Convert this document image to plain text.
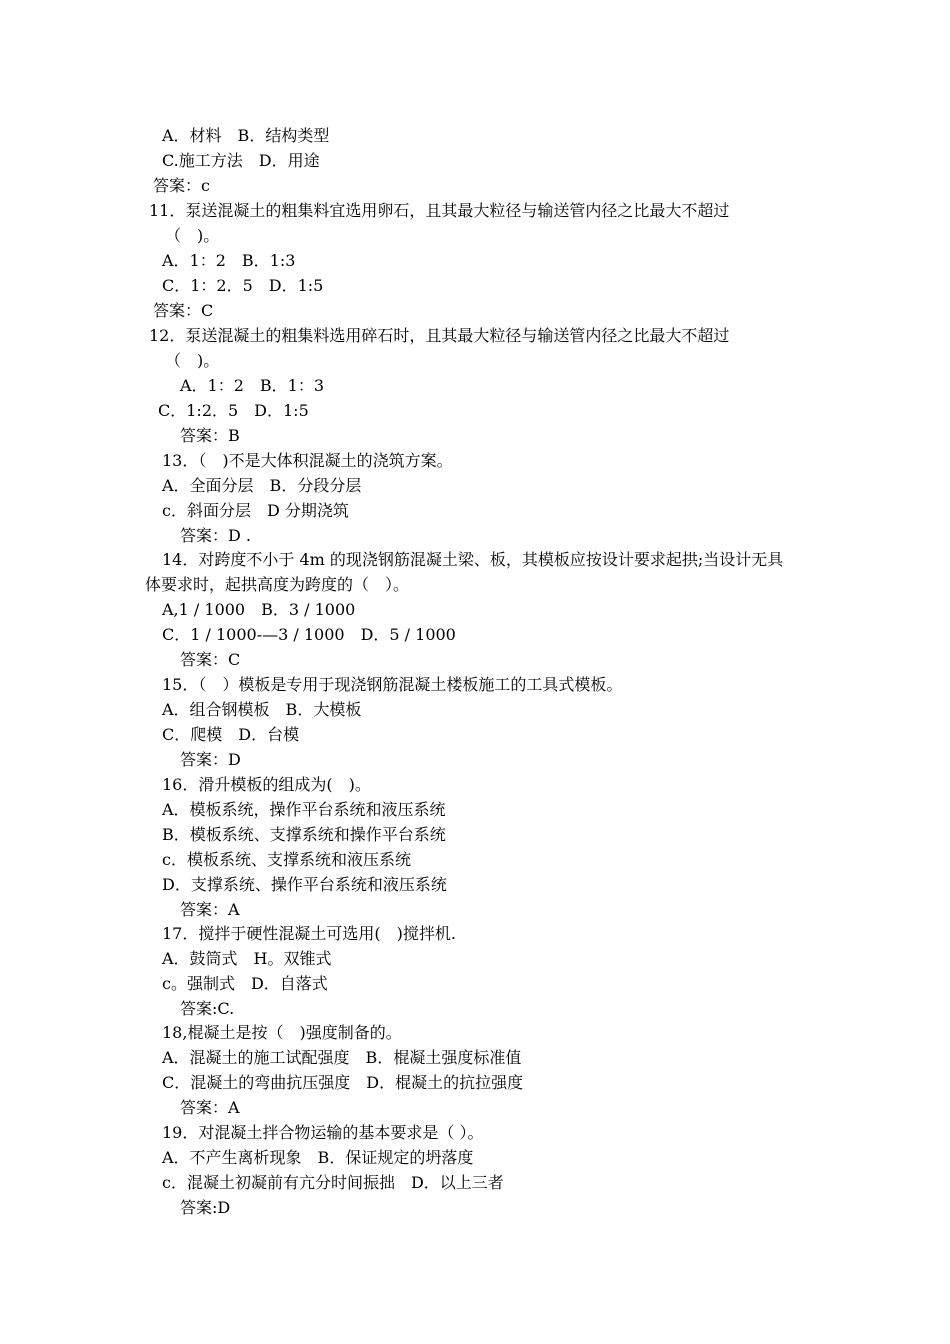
A．材料　B．结构类型
C.施工方法　D．用途
答案：c
11．泵送混凝土的粗集料宜选用卵石，且其最大粒径与输送管内径之比最大不超过
（　)。
A．1：2　B．1:3
C．1：2．5　D．1:5
答案：C
12．泵送混凝土的粗集料选用碎石时，且其最大粒径与输送管内径之比最大不超过
（　)。
A．1：2　B．1：3
C．1:2．5　D．1:5
答案：B
13．（　)不是大体积混凝土的浇筑方案。
A．全面分层　B．分段分层
c．斜面分层　D 分期浇筑
答案：D .
14．对跨度不小于 4m 的现浇钢筋混凝土梁、板，其模板应按设计要求起拱;当设计无具
体要求时，起拱高度为跨度的（　）。
A,1 / 1000　B．3 / 1000
C．1 / 1000-—3 / 1000　D．5 / 1000
答案：C
15．（　）模板是专用于现浇钢筋混凝土楼板施工的工具式模板。
A．组合钢模板　B．大模板
C．爬模　D．台模
答案：D
16．滑升模板的组成为(　)。
A．模板系统，操作平台系统和液压系统
B．模板系统、支撑系统和操作平台系统
c．模板系统、支撑系统和液压系统
D．支撑系统、操作平台系统和液压系统
答案：A
17．搅拌于硬性混凝土可选用(　)搅拌机.
A．鼓筒式　H。双锥式
c。强制式　D．自落式
答案:C.
18,棍凝土是按（　)强度制备的。
A．混凝土的施工试配强度　B．棍凝土强度标准值
C．混凝土的弯曲抗压强度　D．棍凝土的抗拉强度
答案：A
19．对混凝土拌合物运输的基本要求是（ ）。
A．不产生离析现象　B．保证规定的坍落度
c．混凝土初凝前有亢分时间振拙　D．以上三者
答案:D
